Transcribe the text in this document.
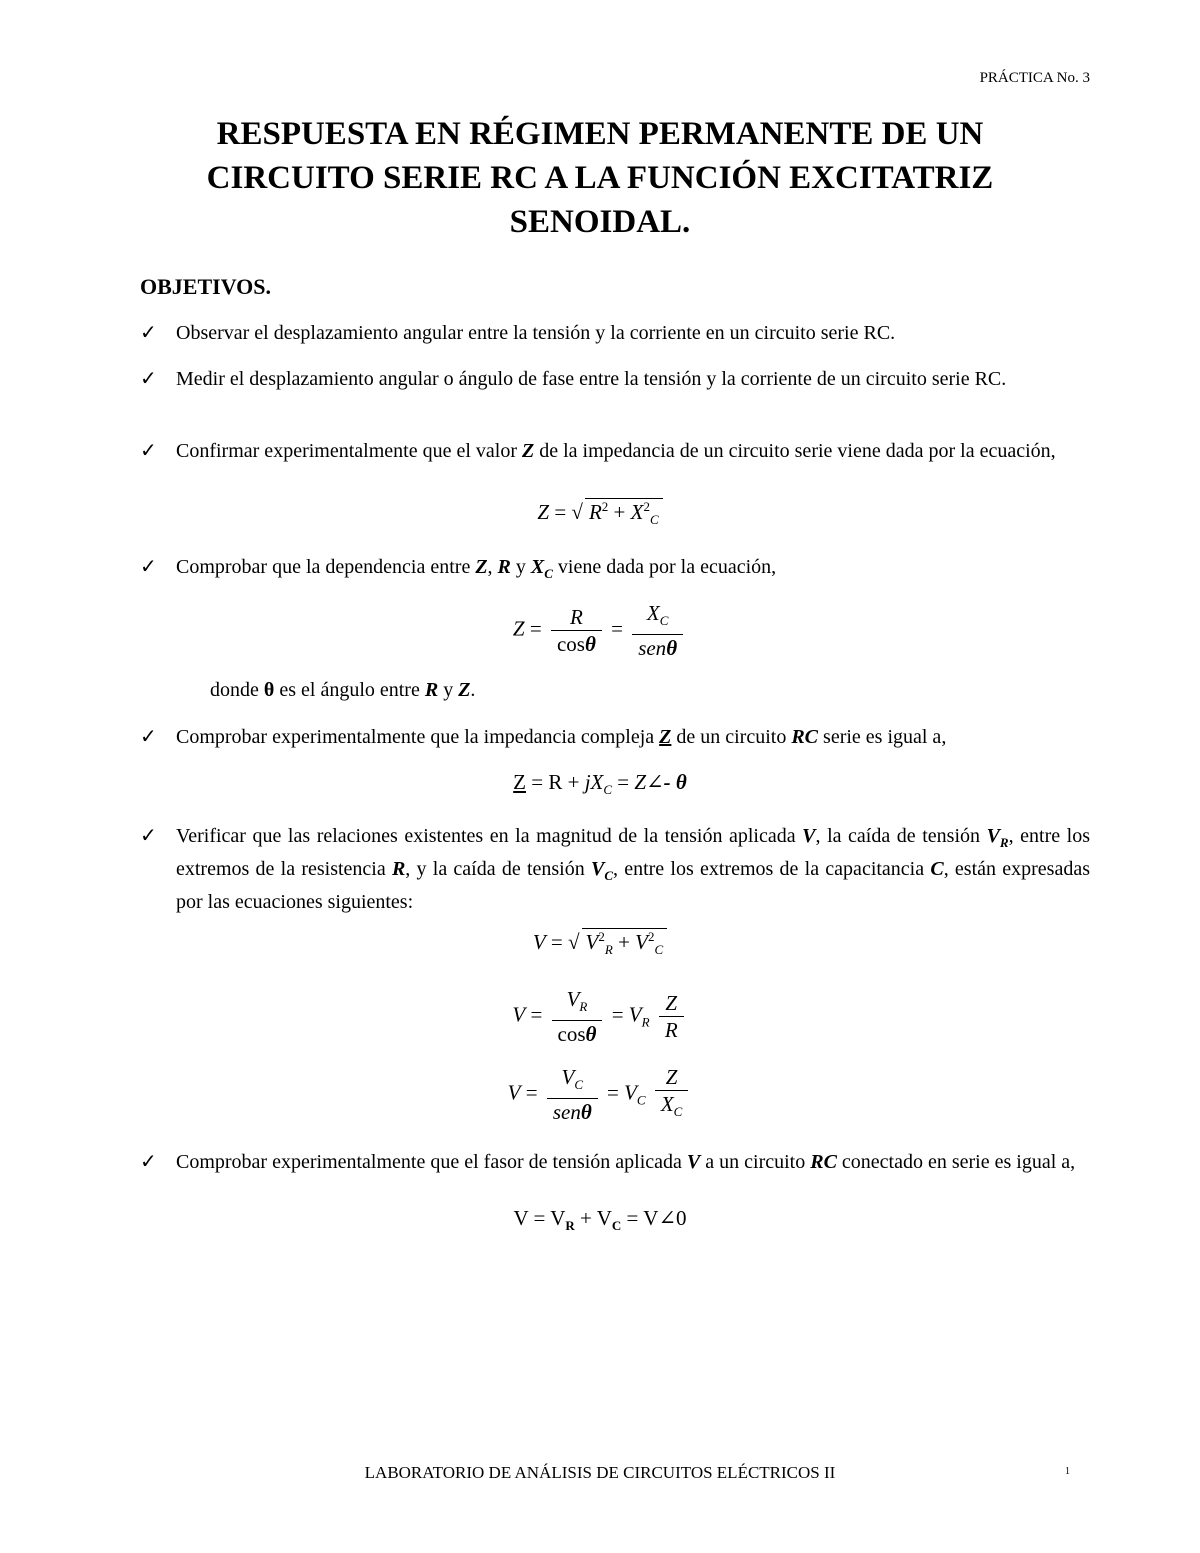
PRÁCTICA No. 3
RESPUESTA EN RÉGIMEN PERMANENTE DE UN
CIRCUITO SERIE RC A LA FUNCIÓN EXCITATRIZ
SENOIDAL.
OBJETIVOS.
✓ Observar el desplazamiento angular entre la tensión y la corriente en un circuito serie RC.
✓ Medir el desplazamiento angular o ángulo de fase entre la tensión y la corriente de un circuito serie RC.
✓ Confirmar experimentalmente que el valor Z de la impedancia de un circuito serie viene dada por la ecuación,
Z = √ $R^2 + X^2_C$
✓ Comprobar que la dependencia entre Z, R y $X_C$ viene dada por la ecuación,
$Z = \frac{R}{\cos\theta} = \frac{X_C}{\text{senθ}}$
donde θ es el ángulo entre R y Z.
✓ Comprobar experimentalmente que la impedancia compleja Z de un circuito RC serie es igual a,
$Z = R + jX_C$ = Z∠- θ
✓ Verificar que las relaciones existentes en la magnitud de la tensión aplicada V, la caída de tensión $V_R$, entre los extremos de la resistencia R, y la caída de tensión $V_C$, entre los extremos de la capacitancia C, están expresadas por las ecuaciones siguientes:
V = √ $V^2_R + V^2_C$
$V = \frac{V_R}{\cos\theta} = V_R \frac{Z}{R}$
$V = \frac{V_C}{\text{senθ}} = V_C \frac{Z}{X_C}$
✓ Comprobar experimentalmente que el fasor de tensión aplicada V a un circuito RC conectado en serie es igual a,
$V = V_R + V_C$ = V∠0
LABORATORIO DE ANÁLISIS DE CIRCUITOS ELÉCTRICOS II	1
